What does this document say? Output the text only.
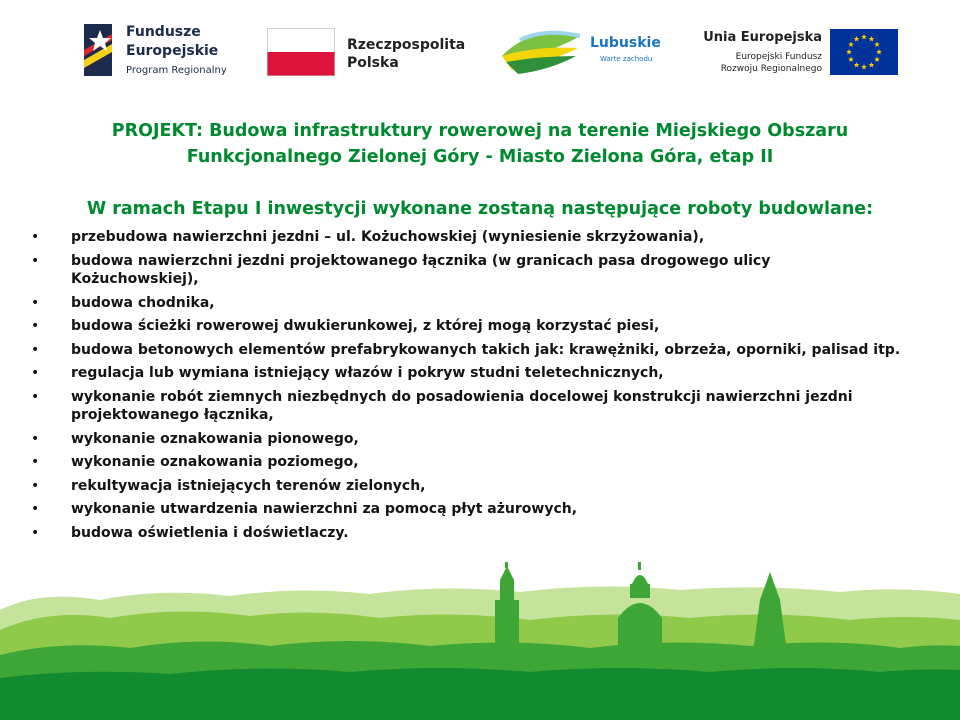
Fundusze
Europejskie
Program Regionalny
Rzeczpospolita
Polska
Lubuskie
Warte zachodu
Unia Europejska
Europejski Fundusz
Rozwoju Regionalnego
PROJEKT: Budowa infrastruktury rowerowej na terenie Miejskiego Obszaru
Funkcjonalnego Zielonej Góry - Miasto Zielona Góra, etap II
W ramach Etapu I inwestycji wykonane zostaną następujące roboty budowlane:
• przebudowa nawierzchni jezdni – ul. Kożuchowskiej (wyniesienie skrzyżowania),
• budowa nawierzchni jezdni projektowanego łącznika (w granicach pasa drogowego ulicy Kożuchowskiej),
• budowa chodnika,
• budowa ścieżki rowerowej dwukierunkowej, z której mogą korzystać piesi,
• budowa betonowych elementów prefabrykowanych takich jak: krawężniki, obrzeża, oporniki, palisad itp.
• regulacja lub wymiana istniejący włazów i pokryw studni teletechnicznych,
• wykonanie robót ziemnych niezbędnych do posadowienia docelowej konstrukcji nawierzchni jezdni projektowanego łącznika,
• wykonanie oznakowania pionowego,
• wykonanie oznakowania poziomego,
• rekultywacja istniejących terenów zielonych,
• wykonanie utwardzenia nawierzchni za pomocą płyt ażurowych,
• budowa oświetlenia i doświetlaczy.
